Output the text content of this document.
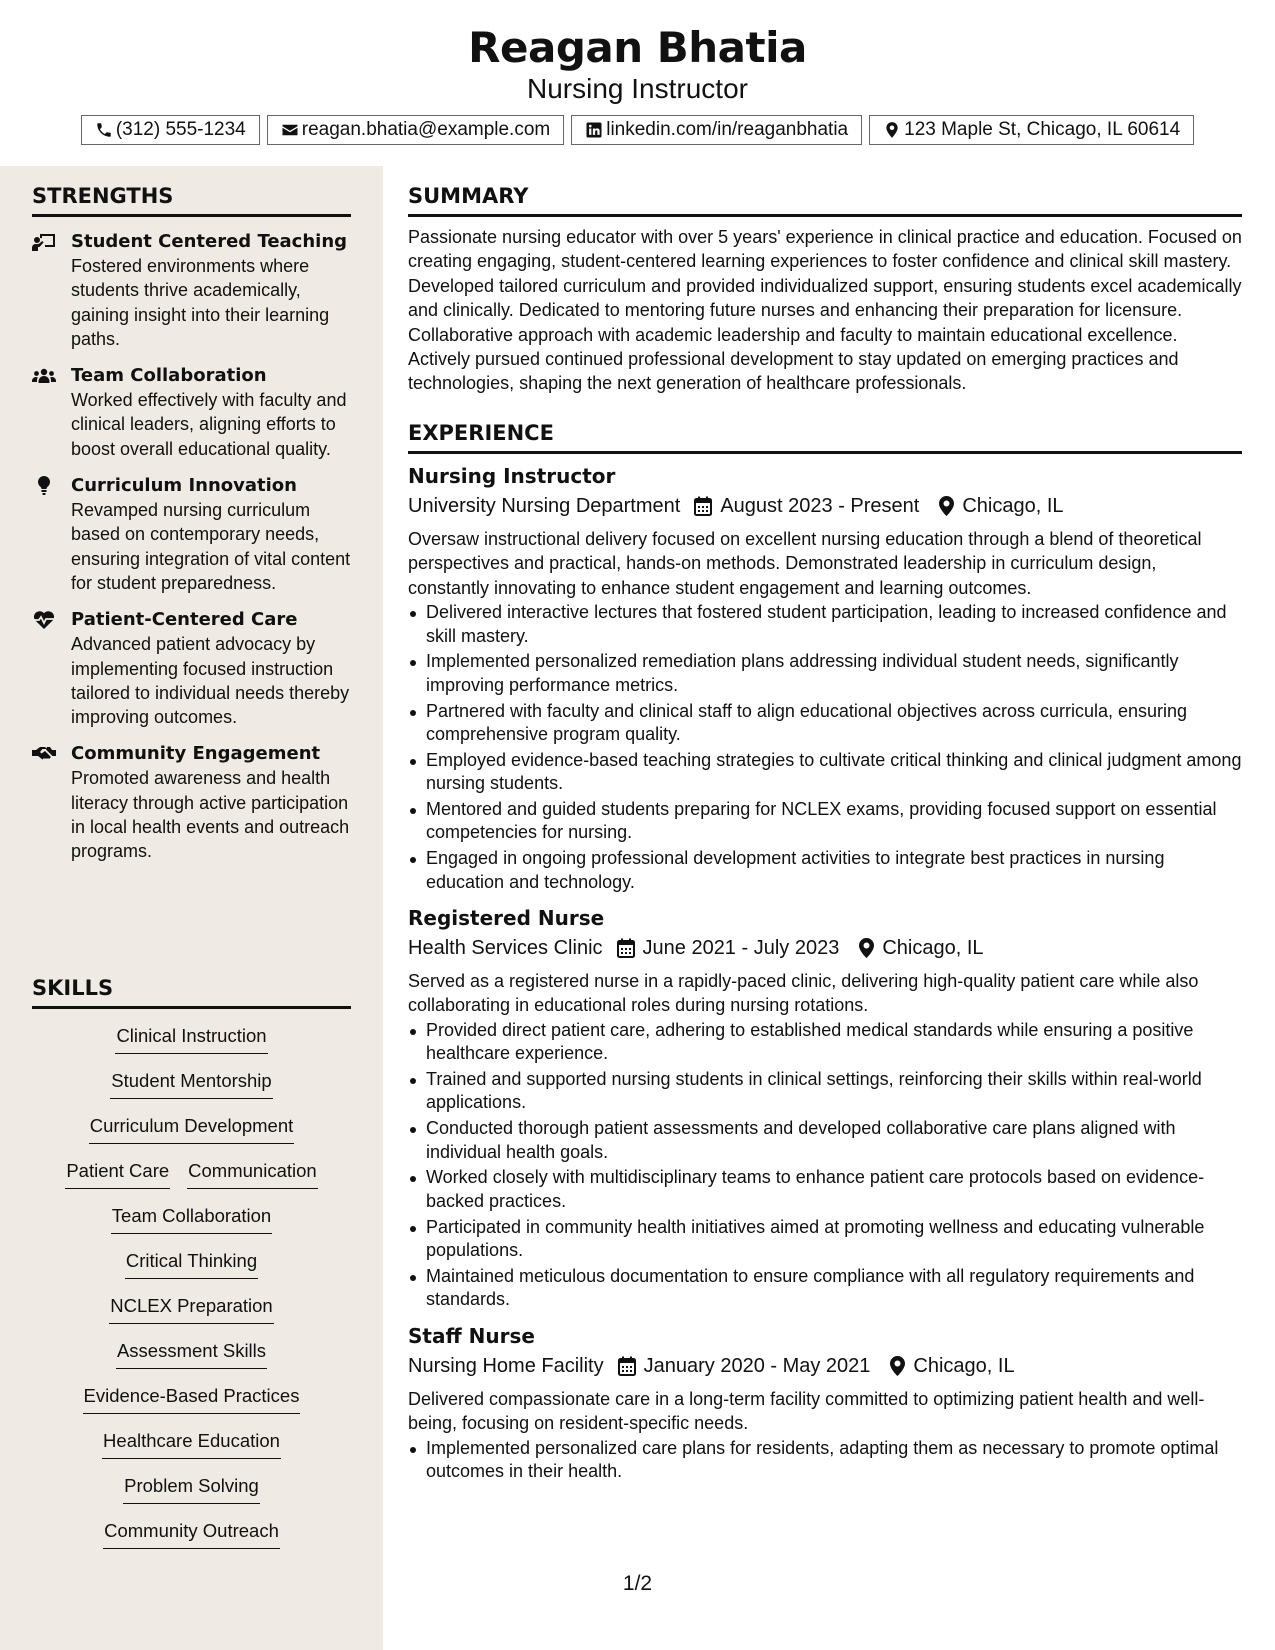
Reagan Bhatia
Nursing Instructor
(312) 555-1234	reagan.bhatia@example.com	linkedin.com/in/reaganbhatia	123 Maple St, Chicago, IL 60614
STRENGTHS
Student Centered Teaching
Fostered environments where students thrive academically, gaining insight into their learning paths.
Team Collaboration
Worked effectively with faculty and clinical leaders, aligning efforts to boost overall educational quality.
Curriculum Innovation
Revamped nursing curriculum based on contemporary needs, ensuring integration of vital content for student preparedness.
Patient-Centered Care
Advanced patient advocacy by implementing focused instruction tailored to individual needs thereby improving outcomes.
Community Engagement
Promoted awareness and health literacy through active participation in local health events and outreach programs.
SKILLS
Clinical Instruction
Student Mentorship
Curriculum Development
Patient Care Communication
Team Collaboration
Critical Thinking
NCLEX Preparation
Assessment Skills
Evidence-Based Practices
Healthcare Education
Problem Solving
Community Outreach
SUMMARY
Passionate nursing educator with over 5 years' experience in clinical practice and education. Focused on creating engaging, student-centered learning experiences to foster confidence and clinical skill mastery. Developed tailored curriculum and provided individualized support, ensuring students excel academically and clinically. Dedicated to mentoring future nurses and enhancing their preparation for licensure. Collaborative approach with academic leadership and faculty to maintain educational excellence. Actively pursued continued professional development to stay updated on emerging practices and technologies, shaping the next generation of healthcare professionals.
EXPERIENCE
Nursing Instructor
University Nursing Department August 2023 - Present Chicago, IL
Oversaw instructional delivery focused on excellent nursing education through a blend of theoretical perspectives and practical, hands-on methods. Demonstrated leadership in curriculum design, constantly innovating to enhance student engagement and learning outcomes.
Delivered interactive lectures that fostered student participation, leading to increased confidence and skill mastery.
Implemented personalized remediation plans addressing individual student needs, significantly improving performance metrics.
Partnered with faculty and clinical staff to align educational objectives across curricula, ensuring comprehensive program quality.
Employed evidence-based teaching strategies to cultivate critical thinking and clinical judgment among nursing students.
Mentored and guided students preparing for NCLEX exams, providing focused support on essential competencies for nursing.
Engaged in ongoing professional development activities to integrate best practices in nursing education and technology.
Registered Nurse
Health Services Clinic June 2021 - July 2023 Chicago, IL
Served as a registered nurse in a rapidly-paced clinic, delivering high-quality patient care while also collaborating in educational roles during nursing rotations.
Provided direct patient care, adhering to established medical standards while ensuring a positive healthcare experience.
Trained and supported nursing students in clinical settings, reinforcing their skills within real-world applications.
Conducted thorough patient assessments and developed collaborative care plans aligned with individual health goals.
Worked closely with multidisciplinary teams to enhance patient care protocols based on evidence-backed practices.
Participated in community health initiatives aimed at promoting wellness and educating vulnerable populations.
Maintained meticulous documentation to ensure compliance with all regulatory requirements and standards.
Staff Nurse
Nursing Home Facility January 2020 - May 2021 Chicago, IL
Delivered compassionate care in a long-term facility committed to optimizing patient health and well-being, focusing on resident-specific needs.
Implemented personalized care plans for residents, adapting them as necessary to promote optimal outcomes in their health.
1/2
